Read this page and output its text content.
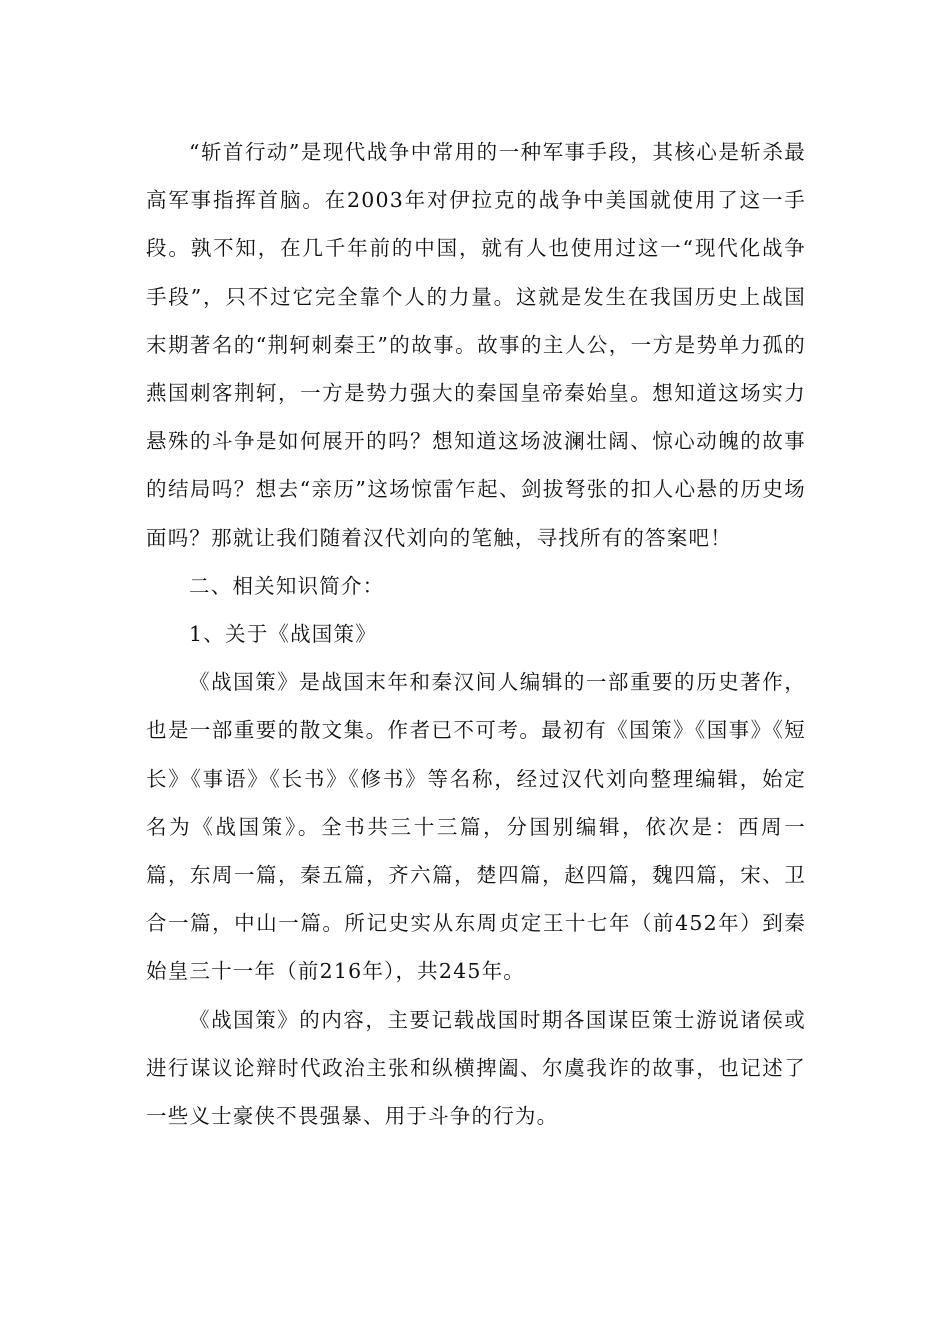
“斩首行动”是现代战争中常用的一种军事手段，其核心是斩杀最高军事指挥首脑。在2003年对伊拉克的战争中美国就使用了这一手段。孰不知，在几千年前的中国，就有人也使用过这一“现代化战争手段”，只不过它完全靠个人的力量。这就是发生在我国历史上战国末期著名的“荆轲刺秦王”的故事。故事的主人公，一方是势单力孤的燕国刺客荆轲，一方是势力强大的秦国皇帝秦始皇。想知道这场实力悬殊的斗争是如何展开的吗？想知道这场波澜壮阔、惊心动魄的故事的结局吗？想去“亲历”这场惊雷乍起、剑拔弩张的扣人心悬的历史场面吗？那就让我们随着汉代刘向的笔触，寻找所有的答案吧！

二、相关知识简介：

1、关于《战国策》

《战国策》是战国末年和秦汉间人编辑的一部重要的历史著作，也是一部重要的散文集。作者已不可考。最初有《国策》《国事》《短长》《事语》《长书》《修书》等名称，经过汉代刘向整理编辑，始定名为《战国策》。全书共三十三篇，分国别编辑，依次是：西周一篇，东周一篇，秦五篇，齐六篇，楚四篇，赵四篇，魏四篇，宋、卫合一篇，中山一篇。所记史实从东周贞定王十七年（前452年）到秦始皇三十一年（前216年），共245年。

《战国策》的内容，主要记载战国时期各国谋臣策士游说诸侯或进行谋议论辩时代政治主张和纵横捭阖、尔虞我诈的故事，也记述了一些义士豪侠不畏强暴、用于斗争的行为。
